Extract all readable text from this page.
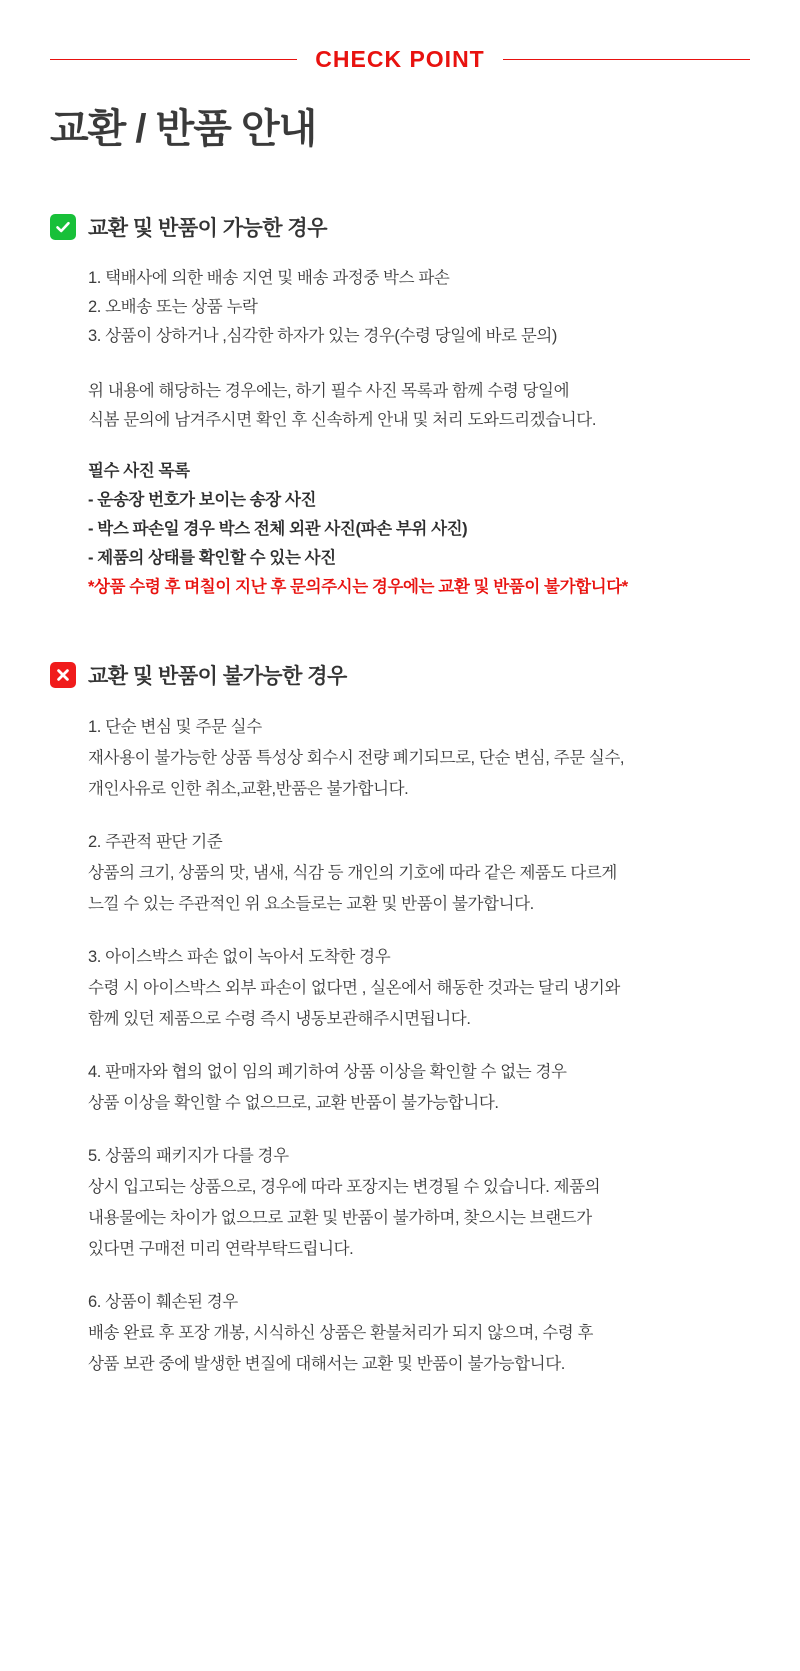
CHECK POINT
교환 / 반품 안내
교환 및 반품이 가능한 경우
1. 택배사에 의한 배송 지연 및 배송 과정중 박스 파손
2. 오배송 또는 상품 누락
3. 상품이 상하거나 ,심각한 하자가 있는 경우(수령 당일에 바로 문의)
위 내용에 해당하는 경우에는, 하기 필수 사진 목록과 함께 수령 당일에
식봄 문의에 남겨주시면 확인 후 신속하게 안내 및 처리 도와드리겠습니다.
필수 사진 목록
- 운송장 번호가 보이는 송장 사진
- 박스 파손일 경우 박스 전체 외관 사진(파손 부위 사진)
- 제품의 상태를 확인할 수 있는 사진
*상품 수령 후 며칠이 지난 후 문의주시는 경우에는 교환 및 반품이 불가합니다*
교환 및 반품이 불가능한 경우
1. 단순 변심 및 주문 실수
재사용이 불가능한 상품 특성상 회수시 전량 폐기되므로, 단순 변심, 주문 실수,
개인사유로 인한 취소,교환,반품은 불가합니다.
2. 주관적 판단 기준
상품의 크기, 상품의 맛, 냄새, 식감 등 개인의 기호에 따라 같은 제품도 다르게
느낄 수 있는 주관적인 위 요소들로는 교환 및 반품이 불가합니다.
3. 아이스박스 파손 없이 녹아서 도착한 경우
수령 시 아이스박스 외부 파손이 없다면 , 실온에서 해동한 것과는 달리 냉기와
함께 있던 제품으로 수령 즉시 냉동보관해주시면됩니다.
4. 판매자와 협의 없이 임의 폐기하여 상품 이상을 확인할 수 없는 경우
상품 이상을 확인할 수 없으므로, 교환 반품이 불가능합니다.
5. 상품의 패키지가 다를 경우
상시 입고되는 상품으로, 경우에 따라 포장지는 변경될 수 있습니다. 제품의
내용물에는 차이가 없으므로 교환 및 반품이 불가하며, 찾으시는 브랜드가
있다면 구매전 미리 연락부탁드립니다.
6. 상품이 훼손된 경우
배송 완료 후 포장 개봉, 시식하신 상품은 환불처리가 되지 않으며, 수령 후
상품 보관 중에 발생한 변질에 대해서는 교환 및 반품이 불가능합니다.
